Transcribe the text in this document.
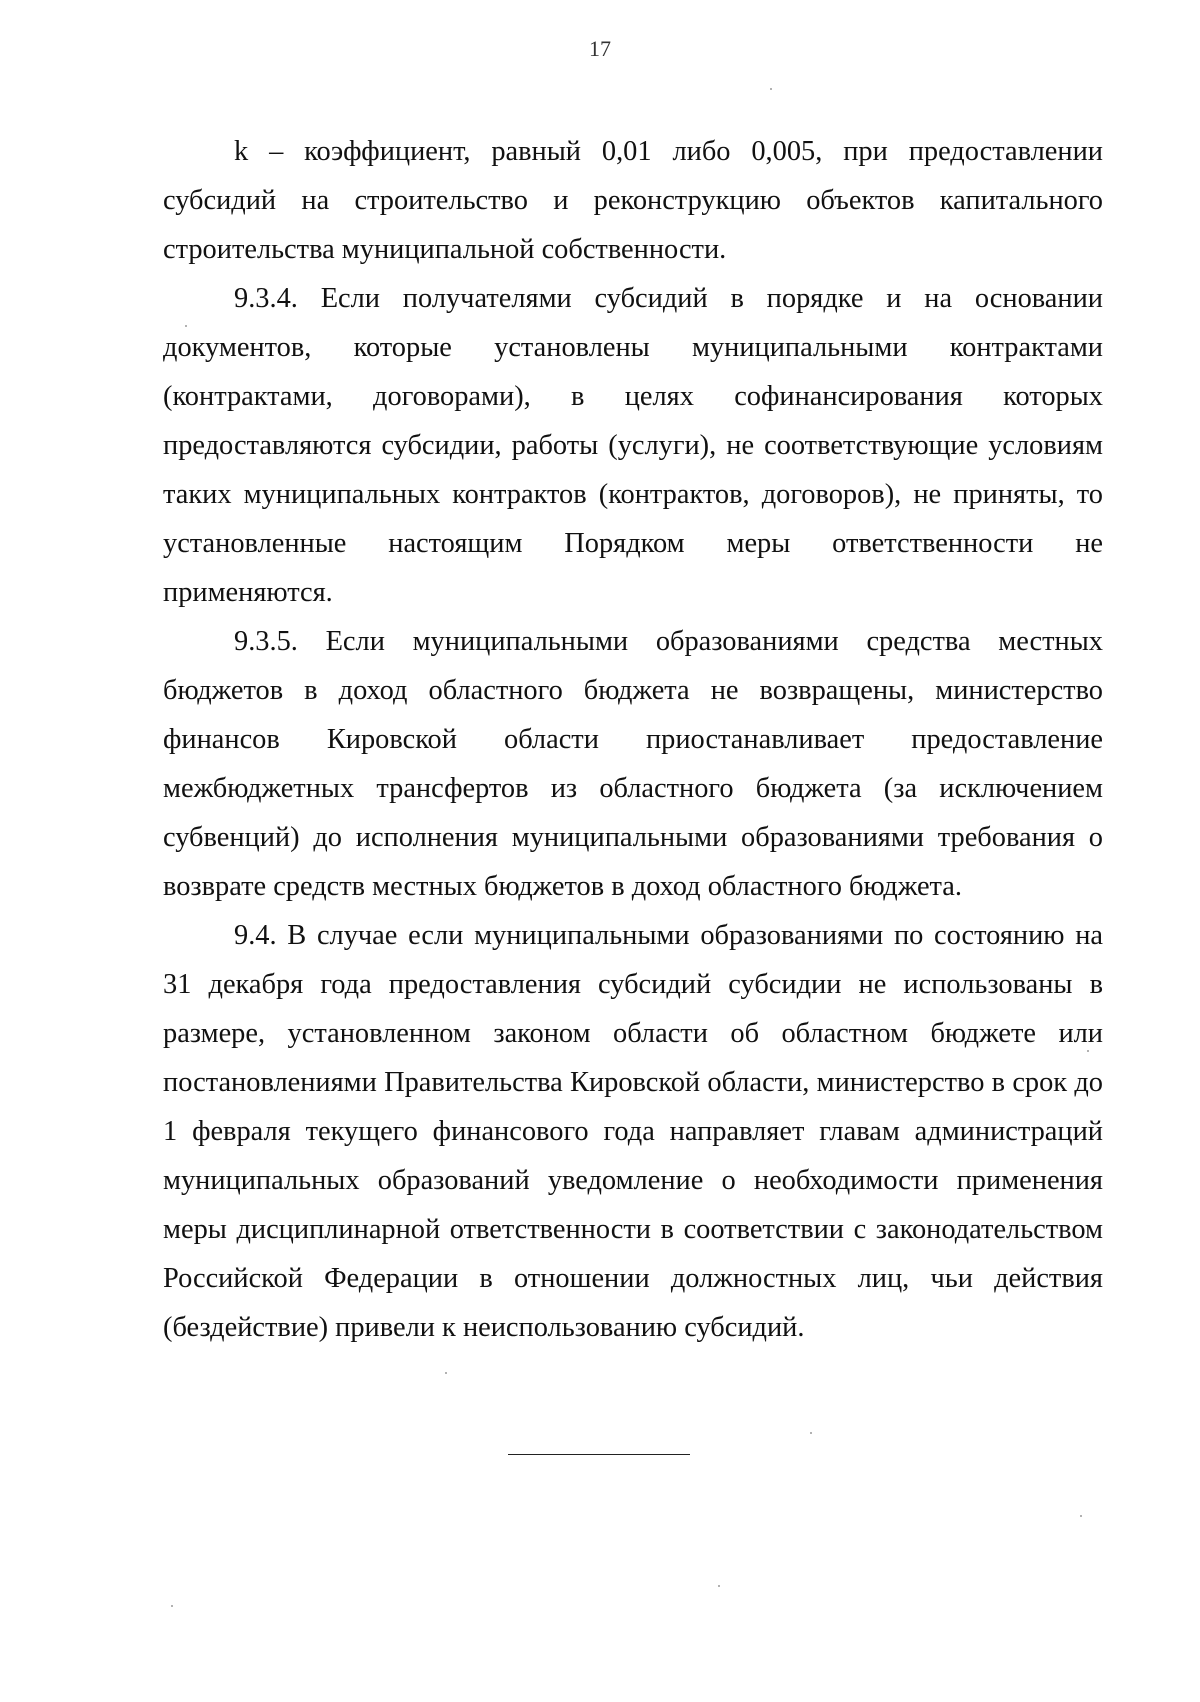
17

k – коэффициент, равный 0,01 либо 0,005, при предоставлении субсидий на строительство и реконструкцию объектов капитального строительства муниципальной собственности.

9.3.4. Если получателями субсидий в порядке и на основании документов, которые установлены муниципальными контрактами (контрактами, договорами), в целях софинансирования которых предоставляются субсидии, работы (услуги), не соответствующие условиям таких муниципальных контрактов (контрактов, договоров), не приняты, то установленные настоящим Порядком меры ответственности не применяются.

9.3.5. Если муниципальными образованиями средства местных бюджетов в доход областного бюджета не возвращены, министерство финансов Кировской области приостанавливает предоставление межбюджетных трансфертов из областного бюджета (за исключением субвенций) до исполнения муниципальными образованиями требования о возврате средств местных бюджетов в доход областного бюджета.

9.4. В случае если муниципальными образованиями по состоянию на 31 декабря года предоставления субсидий субсидии не использованы в размере, установленном законом области об областном бюджете или постановлениями Правительства Кировской области, министерство в срок до 1 февраля текущего финансового года направляет главам администраций муниципальных образований уведомление о необходимости применения меры дисциплинарной ответственности в соответствии с законодательством Российской Федерации в отношении должностных лиц, чьи действия (бездействие) привели к неиспользованию субсидий.
